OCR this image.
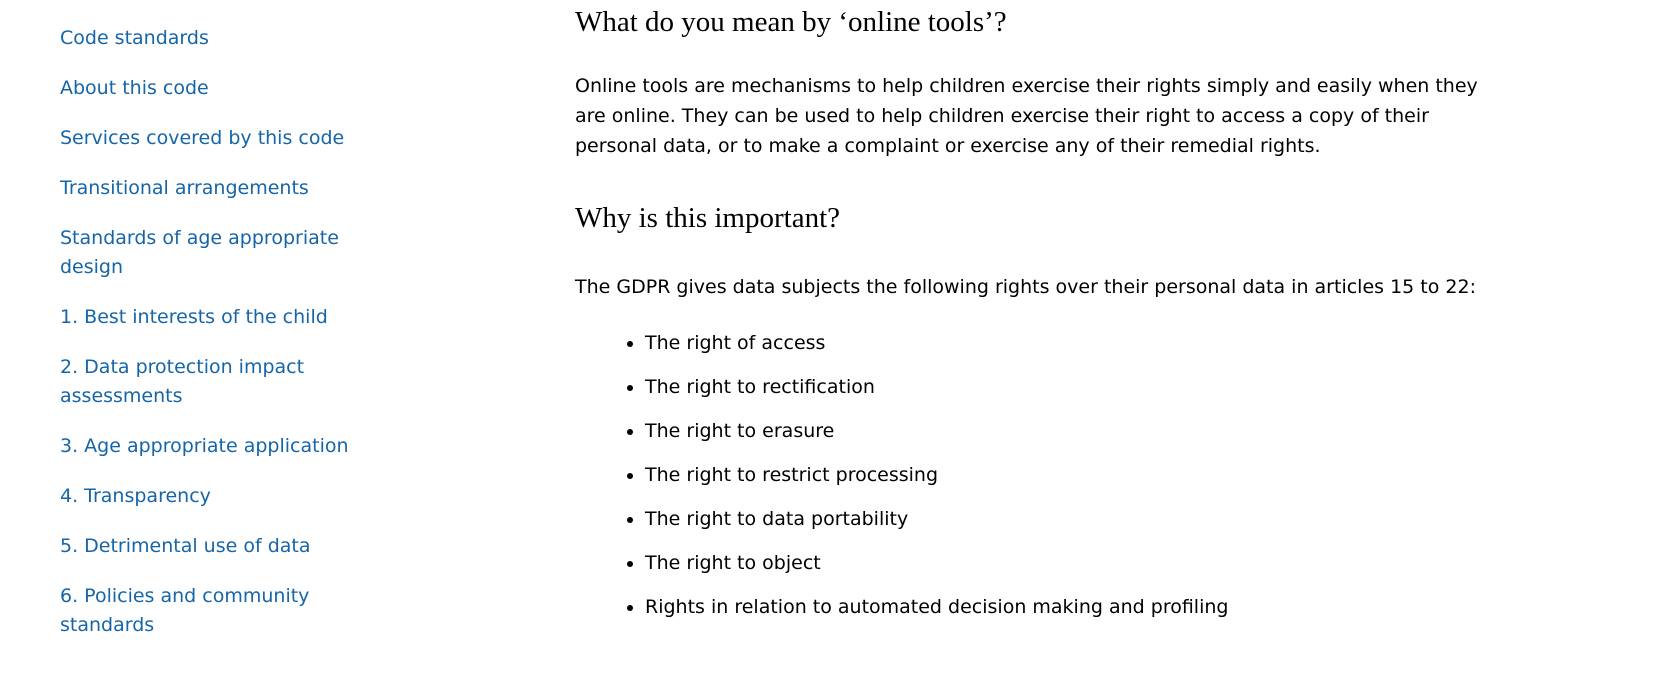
Code standards
About this code
Services covered by this code
Transitional arrangements
Standards of age appropriate design
1. Best interests of the child
2. Data protection impact assessments
3. Age appropriate application
4. Transparency
5. Detrimental use of data
6. Policies and community standards
What do you mean by ‘online tools’?

Online tools are mechanisms to help children exercise their rights simply and easily when they are online. They can be used to help children exercise their right to access a copy of their personal data, or to make a complaint or exercise any of their remedial rights.

Why is this important?

The GDPR gives data subjects the following rights over their personal data in articles 15 to 22:

• The right of access
• The right to rectification
• The right to erasure
• The right to restrict processing
• The right to data portability
• The right to object
• Rights in relation to automated decision making and profiling
